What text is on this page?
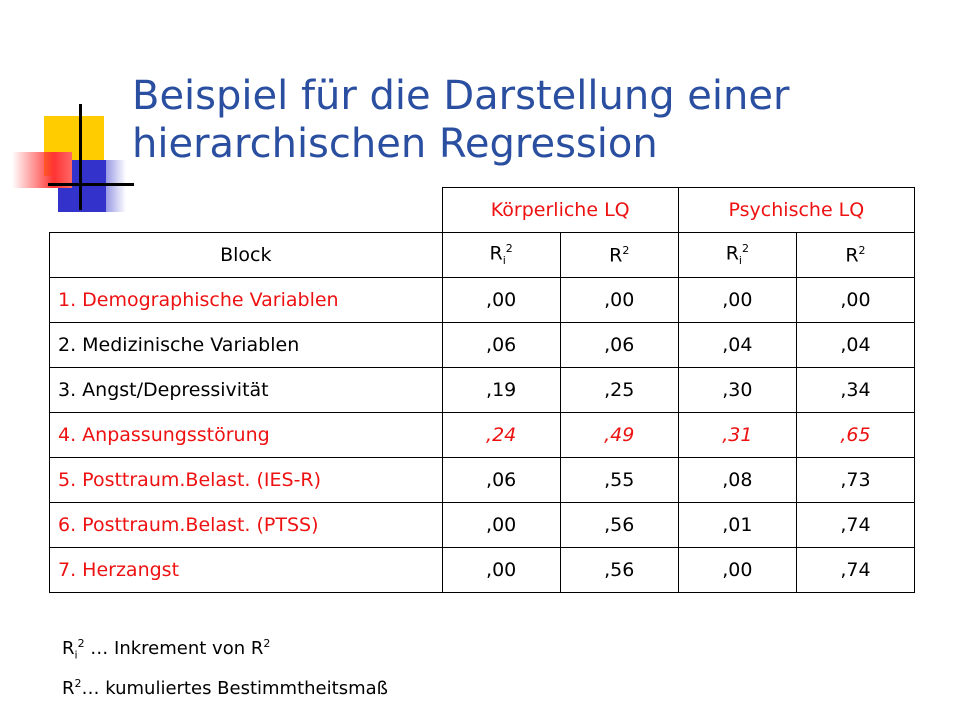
Beispiel für die Darstellung einer
hierarchischen Regression
	Körperliche LQ		Psychische LQ	
Block	$R_i^2$	$R^2$	$R_i^2$	$R^2$
1. Demographische Variablen	,00	,00	,00	,00
2. Medizinische Variablen	,06	,06	,04	,04
3. Angst/Depressivität	,19	,25	,30	,34
4. Anpassungsstörung	,24	,49	,31	,65
5. Posttraum.Belast. (IES-R)	,06	,55	,08	,73
6. Posttraum.Belast. (PTSS)	,00	,56	,01	,74
7. Herzangst	,00	,56	,00	,74
$R_i^2$ … Inkrement von $R^2$
$R^2\dots$ kumuliertes Bestimmtheitsmaß
